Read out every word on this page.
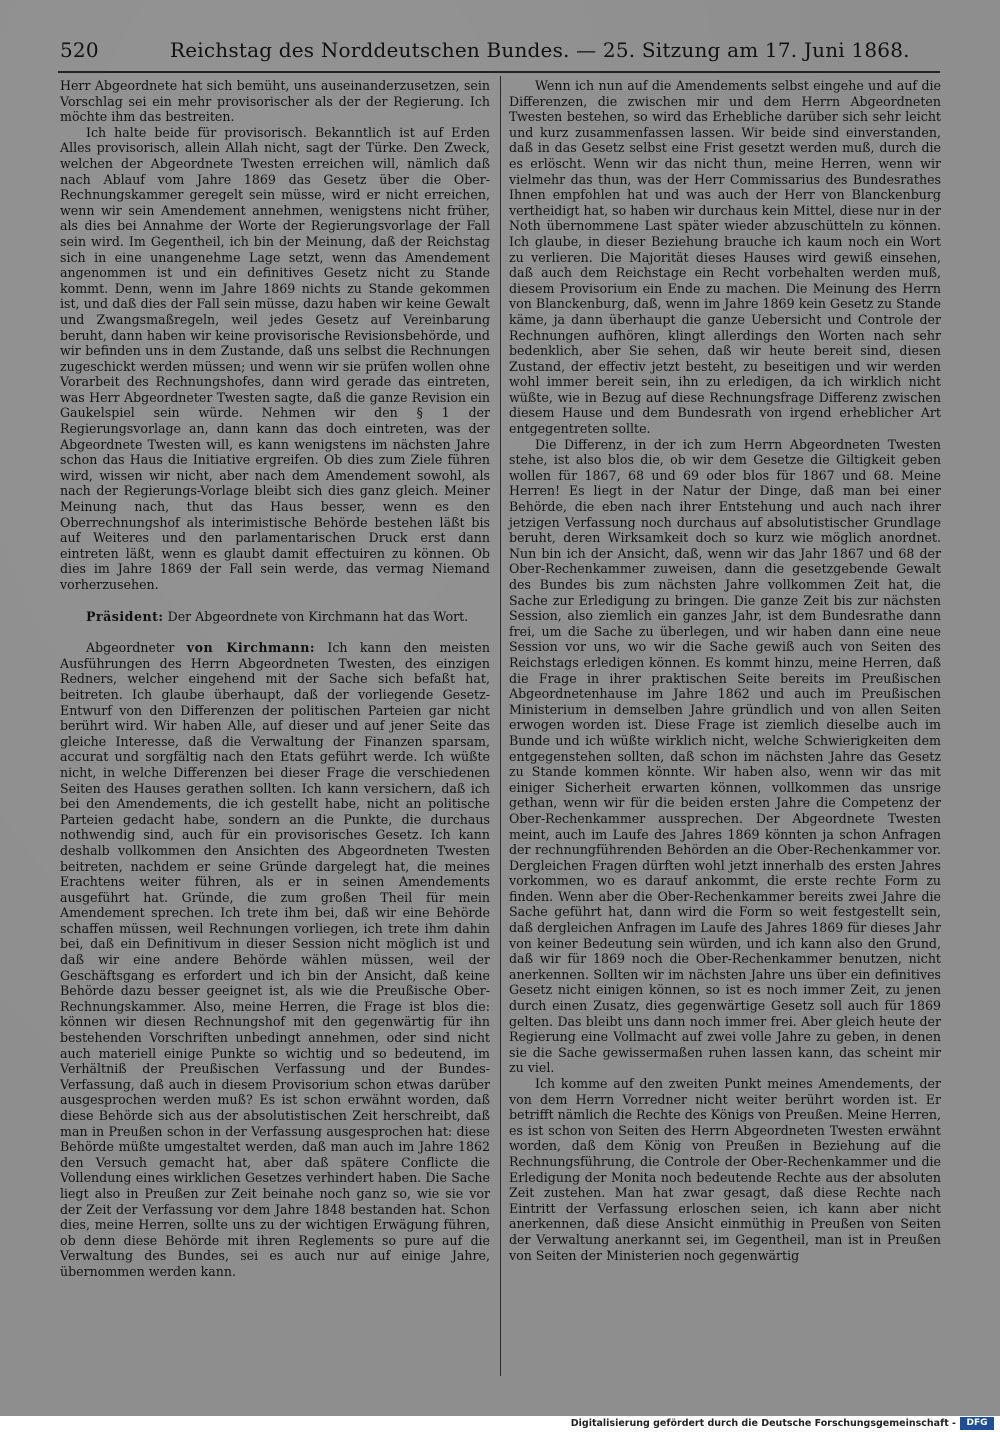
520	Reichstag des Norddeutschen Bundes. — 25. Sitzung am 17. Juni 1868.

Herr Abgeordnete hat sich bemüht, uns auseinanderzusetzen, sein Vorschlag sei ein mehr provisorischer als der der Regierung. Ich möchte ihm das bestreiten.

Ich halte beide für provisorisch. Bekanntlich ist auf Erden Alles provisorisch, allein Allah nicht, sagt der Türke. Den Zweck, welchen der Abgeordnete Twesten erreichen will, nämlich daß nach Ablauf vom Jahre 1869 das Gesetz über die Ober-Rechnungskammer geregelt sein müsse, wird er nicht erreichen, wenn wir sein Amendement annehmen, wenigstens nicht früher, als dies bei Annahme der Worte der Regierungsvorlage der Fall sein wird. Im Gegentheil, ich bin der Meinung, daß der Reichstag sich in eine unangenehme Lage setzt, wenn das Amendement angenommen ist und ein definitives Gesetz nicht zu Stande kommt. Denn, wenn im Jahre 1869 nichts zu Stande gekommen ist, und daß dies der Fall sein müsse, dazu haben wir keine Gewalt und Zwangsmaßregeln, weil jedes Gesetz auf Vereinbarung beruht, dann haben wir keine provisorische Revisionsbehörde, und wir befinden uns in dem Zustande, daß uns selbst die Rechnungen zugeschickt werden müssen; und wenn wir sie prüfen wollen ohne Vorarbeit des Rechnungshofes, dann wird gerade das eintreten, was Herr Abgeordneter Twesten sagte, daß die ganze Revision ein Gaukelspiel sein würde. Nehmen wir den § 1 der Regierungsvorlage an, dann kann das doch eintreten, was der Abgeordnete Twesten will, es kann wenigstens im nächsten Jahre schon das Haus die Initiative ergreifen. Ob dies zum Ziele führen wird, wissen wir nicht, aber nach dem Amendement sowohl, als nach der Regierungs-Vorlage bleibt sich dies ganz gleich. Meiner Meinung nach, thut das Haus besser, wenn es den Oberrechnungshof als interimistische Behörde bestehen läßt bis auf Weiteres und den parlamentarischen Druck erst dann eintreten läßt, wenn es glaubt damit effectuiren zu können. Ob dies im Jahre 1869 der Fall sein werde, das vermag Niemand vorherzusehen.

Präsident: Der Abgeordnete von Kirchmann hat das Wort.

Abgeordneter von Kirchmann: Ich kann den meisten Ausführungen des Herrn Abgeordneten Twesten, des einzigen Redners, welcher eingehend mit der Sache sich befaßt hat, beitreten. Ich glaube überhaupt, daß der vorliegende Gesetz-Entwurf von den Differenzen der politischen Parteien gar nicht berührt wird. Wir haben Alle, auf dieser und auf jener Seite das gleiche Interesse, daß die Verwaltung der Finanzen sparsam, accurat und sorgfältig nach den Etats geführt werde. Ich wüßte nicht, in welche Differenzen bei dieser Frage die verschiedenen Seiten des Hauses gerathen sollten. Ich kann versichern, daß ich bei den Amendements, die ich gestellt habe, nicht an politische Parteien gedacht habe, sondern an die Punkte, die durchaus nothwendig sind, auch für ein provisorisches Gesetz. Ich kann deshalb vollkommen den Ansichten des Abgeordneten Twesten beitreten, nachdem er seine Gründe dargelegt hat, die meines Erachtens weiter führen, als er in seinen Amendements ausgeführt hat. Gründe, die zum großen Theil für mein Amendement sprechen. Ich trete ihm bei, daß wir eine Behörde schaffen müssen, weil Rechnungen vorliegen, ich trete ihm dahin bei, daß ein Definitivum in dieser Session nicht möglich ist und daß wir eine andere Behörde wählen müssen, weil der Geschäftsgang es erfordert und ich bin der Ansicht, daß keine Behörde dazu besser geeignet ist, als wie die Preußische Ober-Rechnungskammer. Also, meine Herren, die Frage ist blos die: können wir diesen Rechnungshof mit den gegenwärtig für ihn bestehenden Vorschriften unbedingt annehmen, oder sind nicht auch materiell einige Punkte so wichtig und so bedeutend, im Verhältniß der Preußischen Verfassung und der Bundes-Verfassung, daß auch in diesem Provisorium schon etwas darüber ausgesprochen werden muß? Es ist schon erwähnt worden, daß diese Behörde sich aus der absolutistischen Zeit herschreibt, daß man in Preußen schon in der Verfassung ausgesprochen hat: diese Behörde müßte umgestaltet werden, daß man auch im Jahre 1862 den Versuch gemacht hat, aber daß spätere Conflicte die Vollendung eines wirklichen Gesetzes verhindert haben. Die Sache liegt also in Preußen zur Zeit beinahe noch ganz so, wie sie vor der Zeit der Verfassung vor dem Jahre 1848 bestanden hat. Schon dies, meine Herren, sollte uns zu der wichtigen Erwägung führen, ob denn diese Behörde mit ihren Reglements so pure auf die Verwaltung des Bundes, sei es auch nur auf einige Jahre, übernommen werden kann.

Wenn ich nun auf die Amendements selbst eingehe und auf die Differenzen, die zwischen mir und dem Herrn Abgeordneten Twesten bestehen, so wird das Erhebliche darüber sich sehr leicht und kurz zusammenfassen lassen. Wir beide sind einverstanden, daß in das Gesetz selbst eine Frist gesetzt werden muß, durch die es erlöscht. Wenn wir das nicht thun, meine Herren, wenn wir vielmehr das thun, was der Herr Commissarius des Bundesrathes Ihnen empfohlen hat und was auch der Herr von Blanckenburg vertheidigt hat, so haben wir durchaus kein Mittel, diese nur in der Noth übernommene Last später wieder abzuschütteln zu können. Ich glaube, in dieser Beziehung brauche ich kaum noch ein Wort zu verlieren. Die Majorität dieses Hauses wird gewiß einsehen, daß auch dem Reichstage ein Recht vorbehalten werden muß, diesem Provisorium ein Ende zu machen. Die Meinung des Herrn von Blanckenburg, daß, wenn im Jahre 1869 kein Gesetz zu Stande käme, ja dann überhaupt die ganze Uebersicht und Controle der Rechnungen aufhören, klingt allerdings den Worten nach sehr bedenklich, aber Sie sehen, daß wir heute bereit sind, diesen Zustand, der effectiv jetzt besteht, zu beseitigen und wir werden wohl immer bereit sein, ihn zu erledigen, da ich wirklich nicht wüßte, wie in Bezug auf diese Rechnungsfrage Differenz zwischen diesem Hause und dem Bundesrath von irgend erheblicher Art entgegentreten sollte.

Die Differenz, in der ich zum Herrn Abgeordneten Twesten stehe, ist also blos die, ob wir dem Gesetze die Giltigkeit geben wollen für 1867, 68 und 69 oder blos für 1867 und 68. Meine Herren! Es liegt in der Natur der Dinge, daß man bei einer Behörde, die eben nach ihrer Entstehung und auch nach ihrer jetzigen Verfassung noch durchaus auf absolutistischer Grundlage beruht, deren Wirksamkeit doch so kurz wie möglich anordnet. Nun bin ich der Ansicht, daß, wenn wir das Jahr 1867 und 68 der Ober-Rechenkammer zuweisen, dann die gesetzgebende Gewalt des Bundes bis zum nächsten Jahre vollkommen Zeit hat, die Sache zur Erledigung zu bringen. Die ganze Zeit bis zur nächsten Session, also ziemlich ein ganzes Jahr, ist dem Bundesrathe dann frei, um die Sache zu überlegen, und wir haben dann eine neue Session vor uns, wo wir die Sache gewiß auch von Seiten des Reichstags erledigen können. Es kommt hinzu, meine Herren, daß die Frage in ihrer praktischen Seite bereits im Preußischen Abgeordnetenhause im Jahre 1862 und auch im Preußischen Ministerium in demselben Jahre gründlich und von allen Seiten erwogen worden ist. Diese Frage ist ziemlich dieselbe auch im Bunde und ich wüßte wirklich nicht, welche Schwierigkeiten dem entgegenstehen sollten, daß schon im nächsten Jahre das Gesetz zu Stande kommen könnte. Wir haben also, wenn wir das mit einiger Sicherheit erwarten können, vollkommen das unsrige gethan, wenn wir für die beiden ersten Jahre die Competenz der Ober-Rechenkammer aussprechen. Der Abgeordnete Twesten meint, auch im Laufe des Jahres 1869 könnten ja schon Anfragen der rechnungführenden Behörden an die Ober-Rechenkammer vor. Dergleichen Fragen dürften wohl jetzt innerhalb des ersten Jahres vorkommen, wo es darauf ankommt, die erste rechte Form zu finden. Wenn aber die Ober-Rechenkammer bereits zwei Jahre die Sache geführt hat, dann wird die Form so weit festgestellt sein, daß dergleichen Anfragen im Laufe des Jahres 1869 für dieses Jahr von keiner Bedeutung sein würden, und ich kann also den Grund, daß wir für 1869 noch die Ober-Rechenkammer benutzen, nicht anerkennen. Sollten wir im nächsten Jahre uns über ein definitives Gesetz nicht einigen können, so ist es noch immer Zeit, zu jenen durch einen Zusatz, dies gegenwärtige Gesetz soll auch für 1869 gelten. Das bleibt uns dann noch immer frei. Aber gleich heute der Regierung eine Vollmacht auf zwei volle Jahre zu geben, in denen sie die Sache gewissermaßen ruhen lassen kann, das scheint mir zu viel.

Ich komme auf den zweiten Punkt meines Amendements, der von dem Herrn Vorredner nicht weiter berührt worden ist. Er betrifft nämlich die Rechte des Königs von Preußen. Meine Herren, es ist schon von Seiten des Herrn Abgeordneten Twesten erwähnt worden, daß dem König von Preußen in Beziehung auf die Rechnungsführung, die Controle der Ober-Rechenkammer und die Erledigung der Monita noch bedeutende Rechte aus der absoluten Zeit zustehen. Man hat zwar gesagt, daß diese Rechte nach Eintritt der Verfassung erloschen seien, ich kann aber nicht anerkennen, daß diese Ansicht einmüthig in Preußen von Seiten der Verwaltung anerkannt sei, im Gegentheil, man ist in Preußen von Seiten der Ministerien noch gegenwärtig

Digitalisierung gefördert durch die Deutsche Forschungsgemeinschaft -	DFG
